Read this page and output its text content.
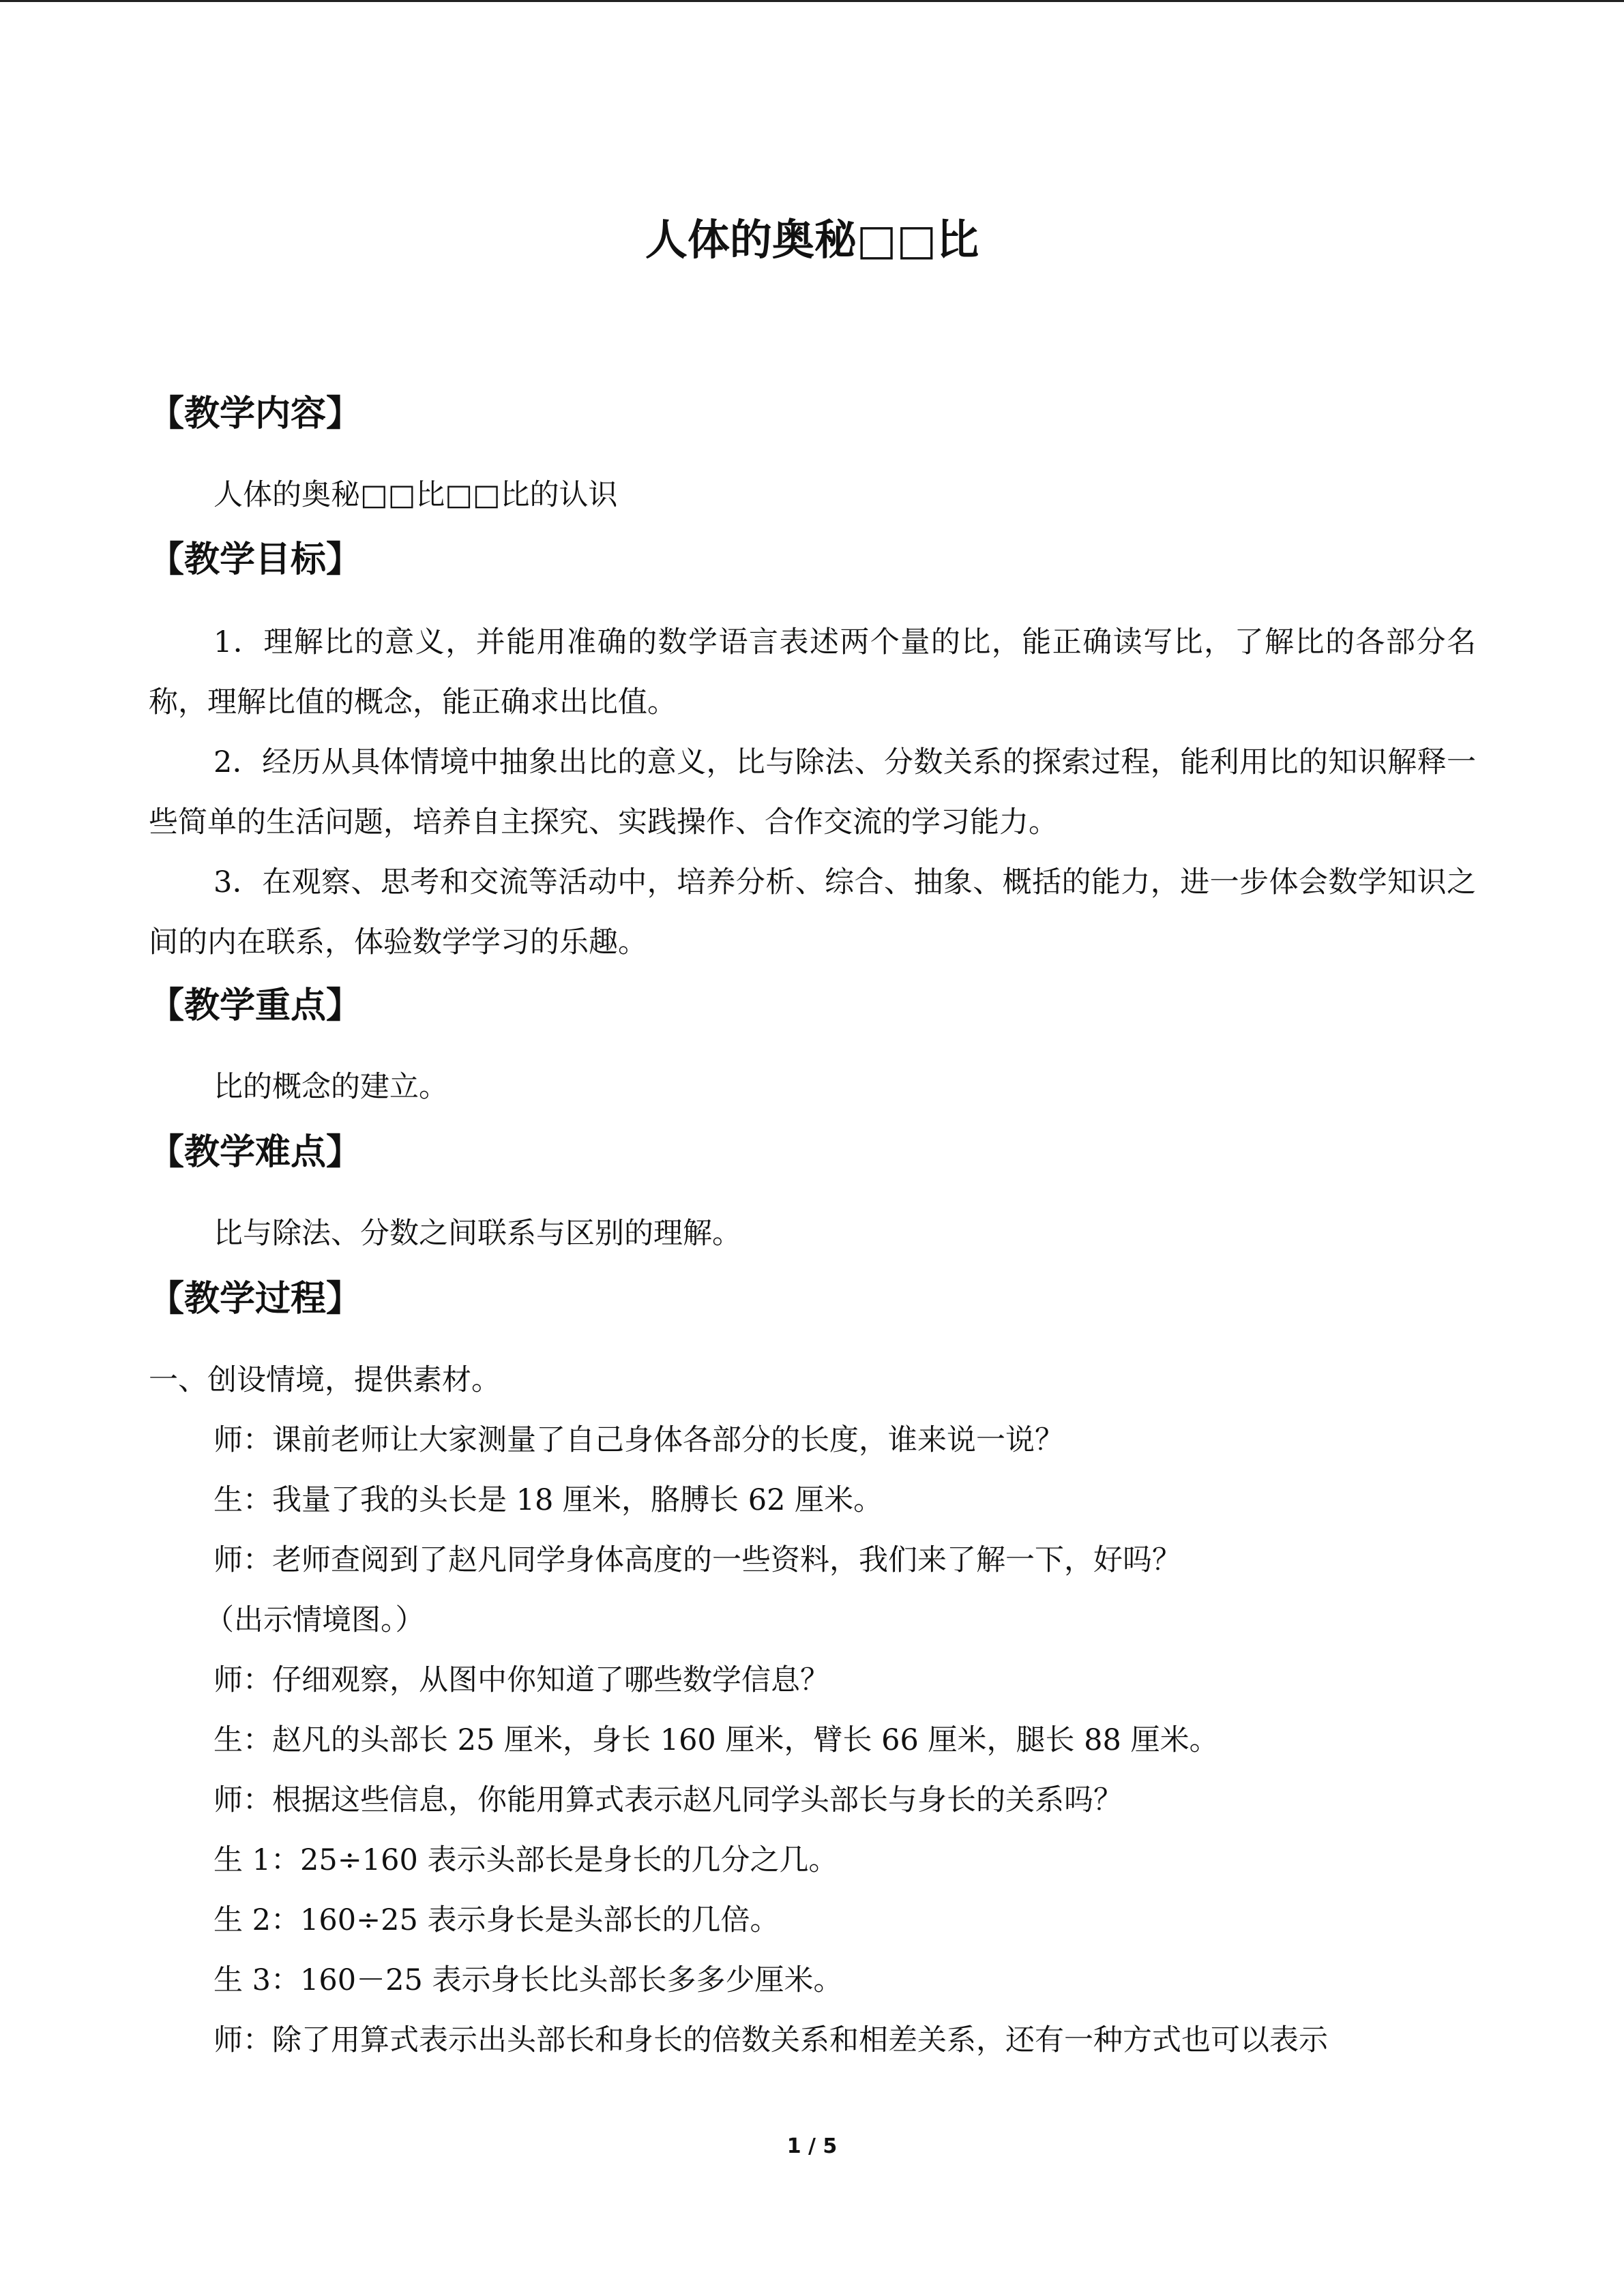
人体的奥秘□□比
【教学内容】
人体的奥秘□□比□□比的认识
【教学目标】
1．理解比的意义，并能用准确的数学语言表述两个量的比，能正确读写比，了解比的各部分名称，理解比值的概念，能正确求出比值。
2．经历从具体情境中抽象出比的意义，比与除法、分数关系的探索过程，能利用比的知识解释一些简单的生活问题，培养自主探究、实践操作、合作交流的学习能力。
3．在观察、思考和交流等活动中，培养分析、综合、抽象、概括的能力，进一步体会数学知识之间的内在联系，体验数学学习的乐趣。
【教学重点】
比的概念的建立。
【教学难点】
比与除法、分数之间联系与区别的理解。
【教学过程】
一、创设情境，提供素材。
师：课前老师让大家测量了自己身体各部分的长度，谁来说一说？
生：我量了我的头长是 18 厘米，胳膊长 62 厘米。
师：老师查阅到了赵凡同学身体高度的一些资料，我们来了解一下，好吗？
（出示情境图。）
师：仔细观察，从图中你知道了哪些数学信息？
生：赵凡的头部长 25 厘米，身长 160 厘米，臂长 66 厘米，腿长 88 厘米。
师：根据这些信息，你能用算式表示赵凡同学头部长与身长的关系吗？
生 1：25÷160 表示头部长是身长的几分之几。
生 2：160÷25 表示身长是头部长的几倍。
生 3：160－25 表示身长比头部长多多少厘米。
师：除了用算式表示出头部长和身长的倍数关系和相差关系，还有一种方式也可以表示
1 / 5
